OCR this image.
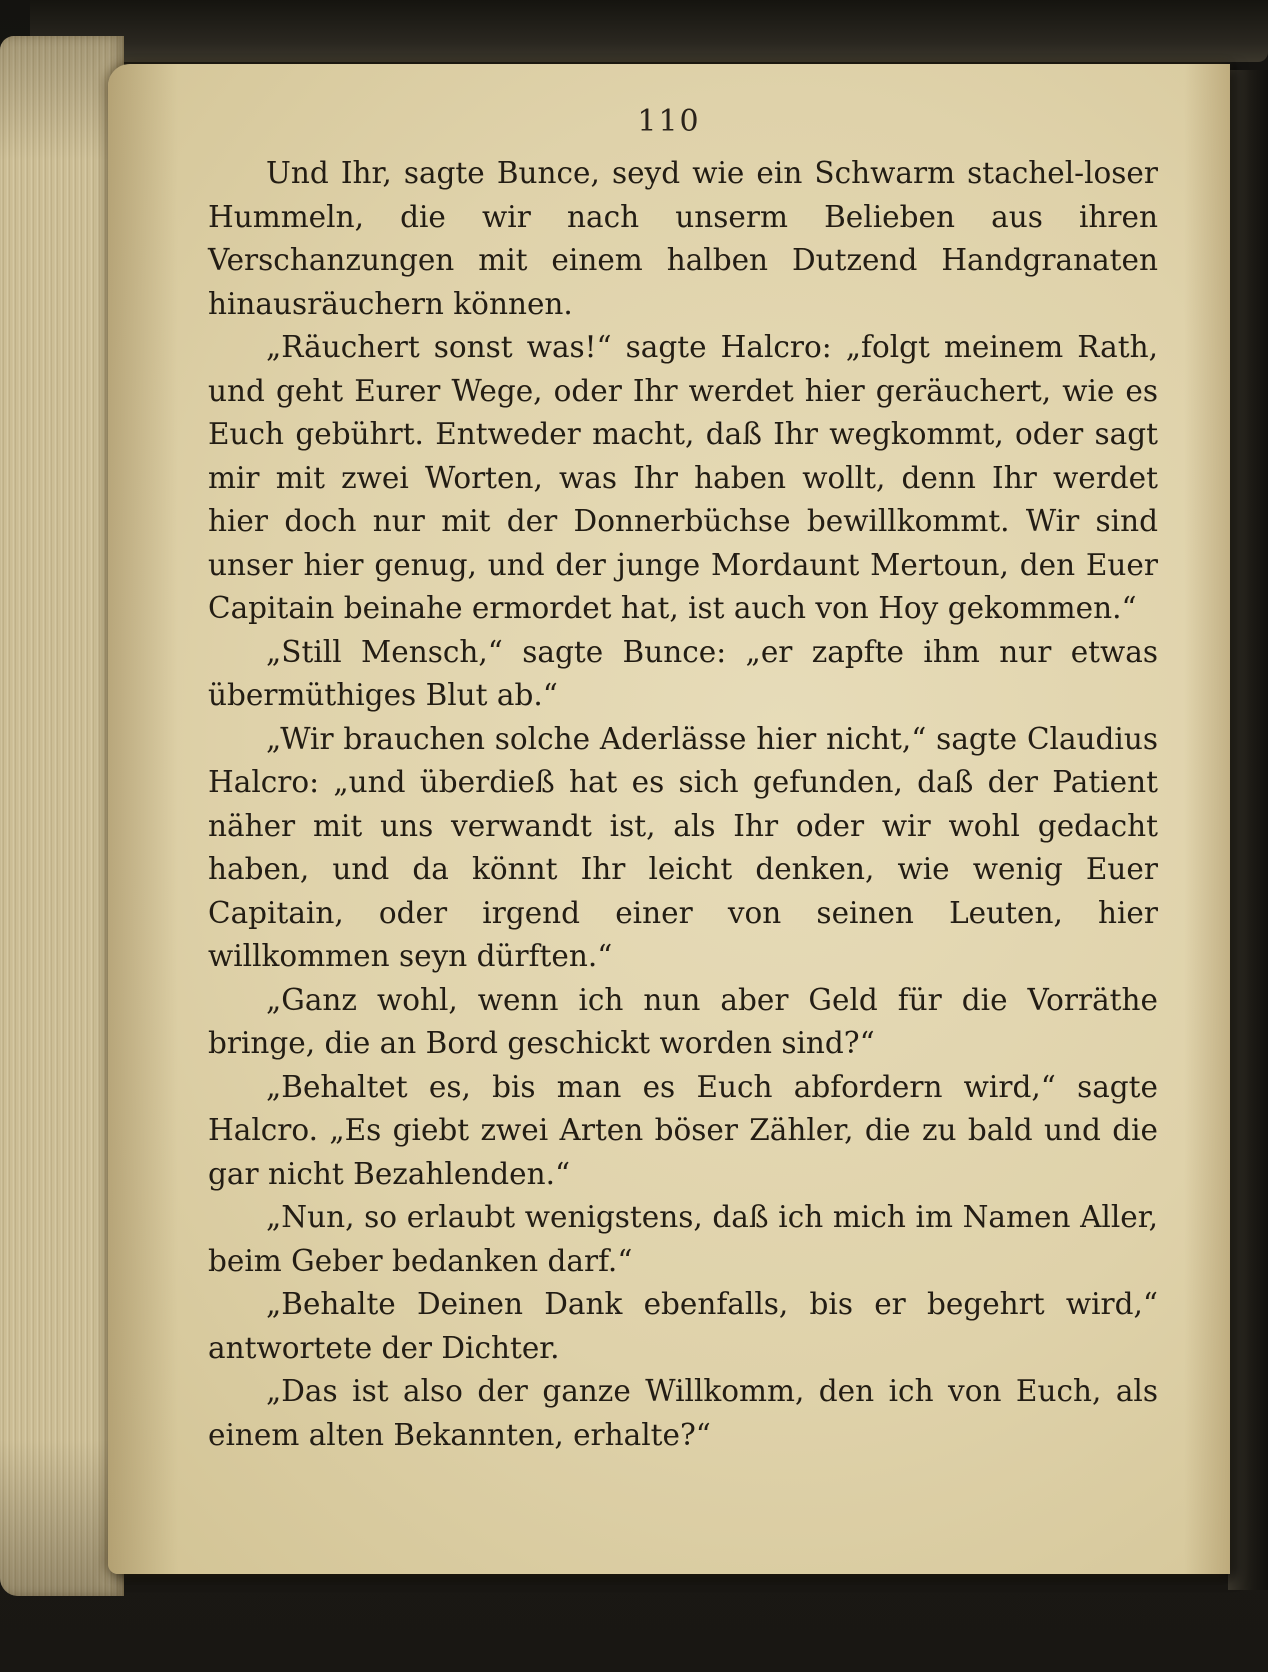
110

Und Ihr, sagte Bunce, seyd wie ein Schwarm stachel-loser Hummeln, die wir nach unserm Belieben aus ihren Verschanzungen mit einem halben Dutzend Handgranaten hinausräuchern können.

„Räuchert sonst was!“ sagte Halcro: „folgt meinem Rath, und geht Eurer Wege, oder Ihr werdet hier geräuchert, wie es Euch gebührt. Entweder macht, daß Ihr wegkommt, oder sagt mir mit zwei Worten, was Ihr haben wollt, denn Ihr werdet hier doch nur mit der Donnerbüchse bewillkommt. Wir sind unser hier genug, und der junge Mordaunt Mertoun, den Euer Capitain beinahe ermordet hat, ist auch von Hoy gekommen.“

„Still Mensch,“ sagte Bunce: „er zapfte ihm nur etwas übermüthiges Blut ab.“

„Wir brauchen solche Aderlässe hier nicht,“ sagte Claudius Halcro: „und überdieß hat es sich gefunden, daß der Patient näher mit uns verwandt ist, als Ihr oder wir wohl gedacht haben, und da könnt Ihr leicht denken, wie wenig Euer Capitain, oder irgend einer von seinen Leuten, hier willkommen seyn dürften.“

„Ganz wohl, wenn ich nun aber Geld für die Vorräthe bringe, die an Bord geschickt worden sind?“

„Behaltet es, bis man es Euch abfordern wird,“ sagte Halcro. „Es giebt zwei Arten böser Zähler, die zu bald und die gar nicht Bezahlenden.“

„Nun, so erlaubt wenigstens, daß ich mich im Namen Aller, beim Geber bedanken darf.“

„Behalte Deinen Dank ebenfalls, bis er begehrt wird,“ antwortete der Dichter.

„Das ist also der ganze Willkomm, den ich von Euch, als einem alten Bekannten, erhalte?“
